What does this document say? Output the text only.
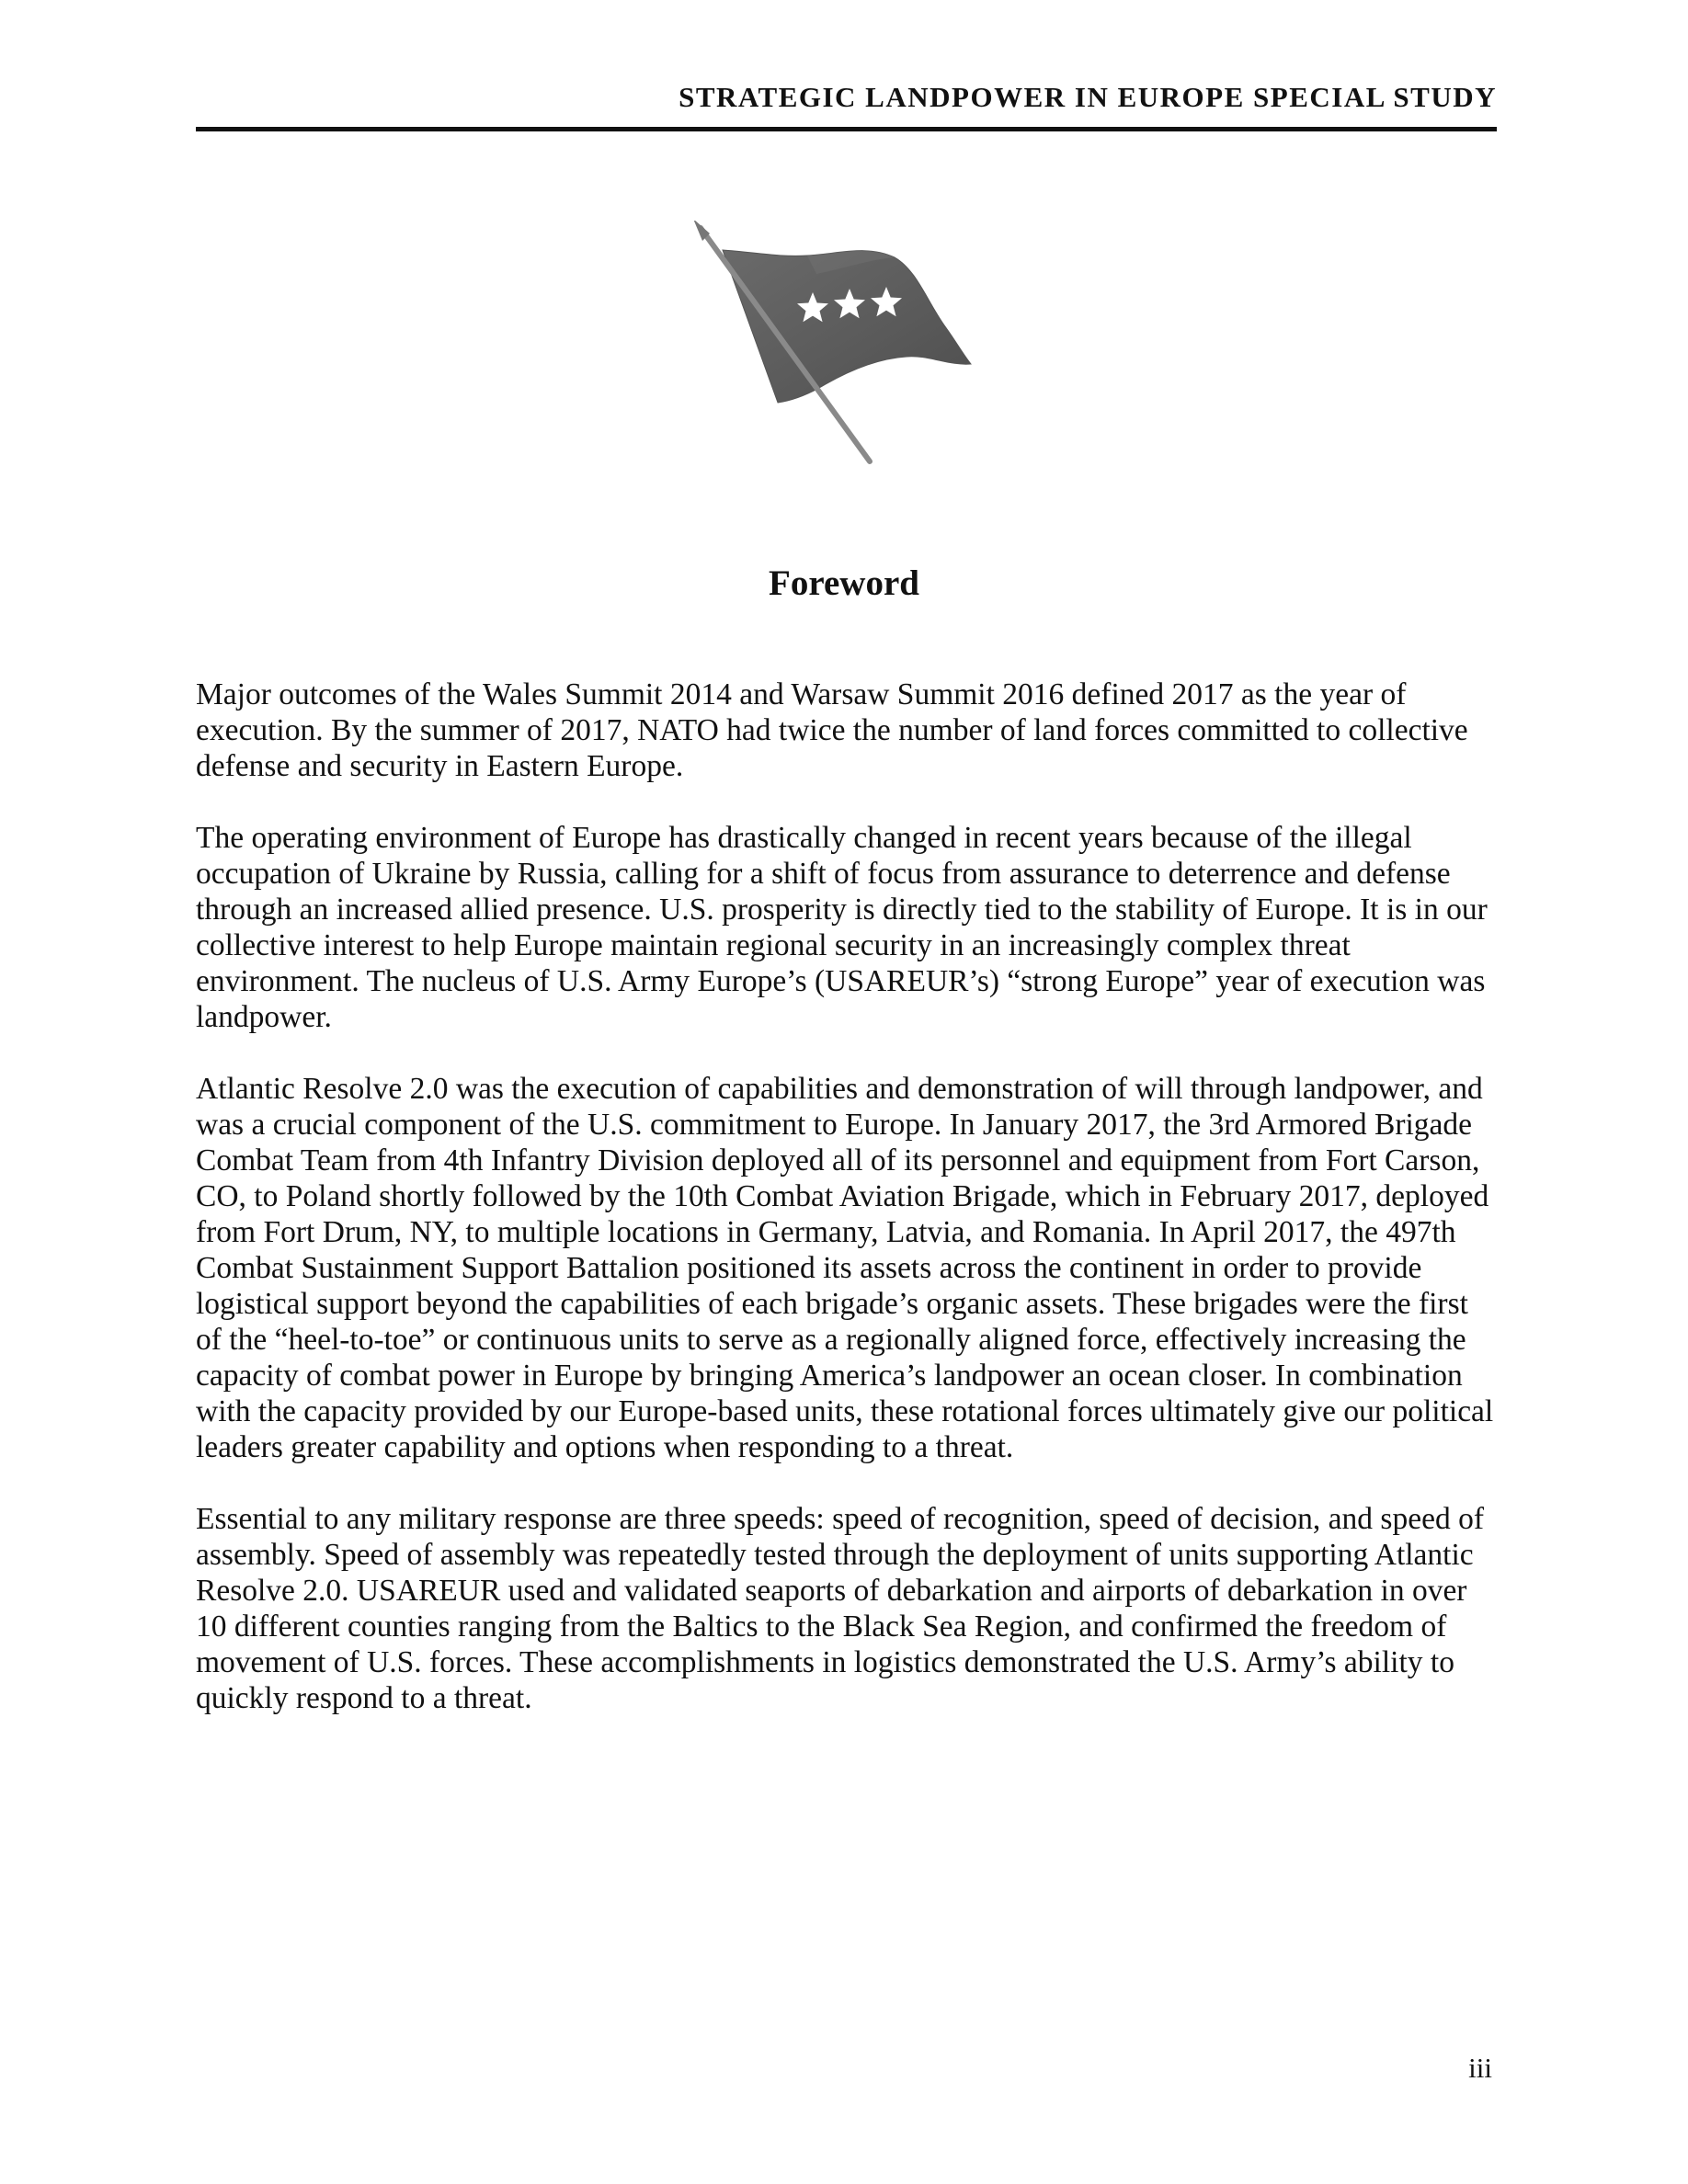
STRATEGIC LANDPOWER IN EUROPE SPECIAL STUDY
Foreword

Major outcomes of the Wales Summit 2014 and Warsaw Summit 2016 defined 2017 as the year of execution. By the summer of 2017, NATO had twice the number of land forces committed to collective defense and security in Eastern Europe.

The operating environment of Europe has drastically changed in recent years because of the illegal occupation of Ukraine by Russia, calling for a shift of focus from assurance to deterrence and defense through an increased allied presence. U.S. prosperity is directly tied to the stability of Europe. It is in our collective interest to help Europe maintain regional security in an increasingly complex threat environment. The nucleus of U.S. Army Europe’s (USAREUR’s) “strong Europe” year of execution was landpower.

Atlantic Resolve 2.0 was the execution of capabilities and demonstration of will through landpower, and was a crucial component of the U.S. commitment to Europe. In January 2017, the 3rd Armored Brigade Combat Team from 4th Infantry Division deployed all of its personnel and equipment from Fort Carson, CO, to Poland shortly followed by the 10th Combat Aviation Brigade, which in February 2017, deployed from Fort Drum, NY, to multiple locations in Germany, Latvia, and Romania. In April 2017, the 497th Combat Sustainment Support Battalion positioned its assets across the continent in order to provide logistical support beyond the capabilities of each brigade’s organic assets. These brigades were the first of the “heel-to-toe” or continuous units to serve as a regionally aligned force, effectively increasing the capacity of combat power in Europe by bringing America’s landpower an ocean closer. In combination with the capacity provided by our Europe-based units, these rotational forces ultimately give our political leaders greater capability and options when responding to a threat.

Essential to any military response are three speeds: speed of recognition, speed of decision, and speed of assembly. Speed of assembly was repeatedly tested through the deployment of units supporting Atlantic Resolve 2.0. USAREUR used and validated seaports of debarkation and airports of debarkation in over 10 different counties ranging from the Baltics to the Black Sea Region, and confirmed the freedom of movement of U.S. forces. These accomplishments in logistics demonstrated the U.S. Army’s ability to quickly respond to a threat.

iii
